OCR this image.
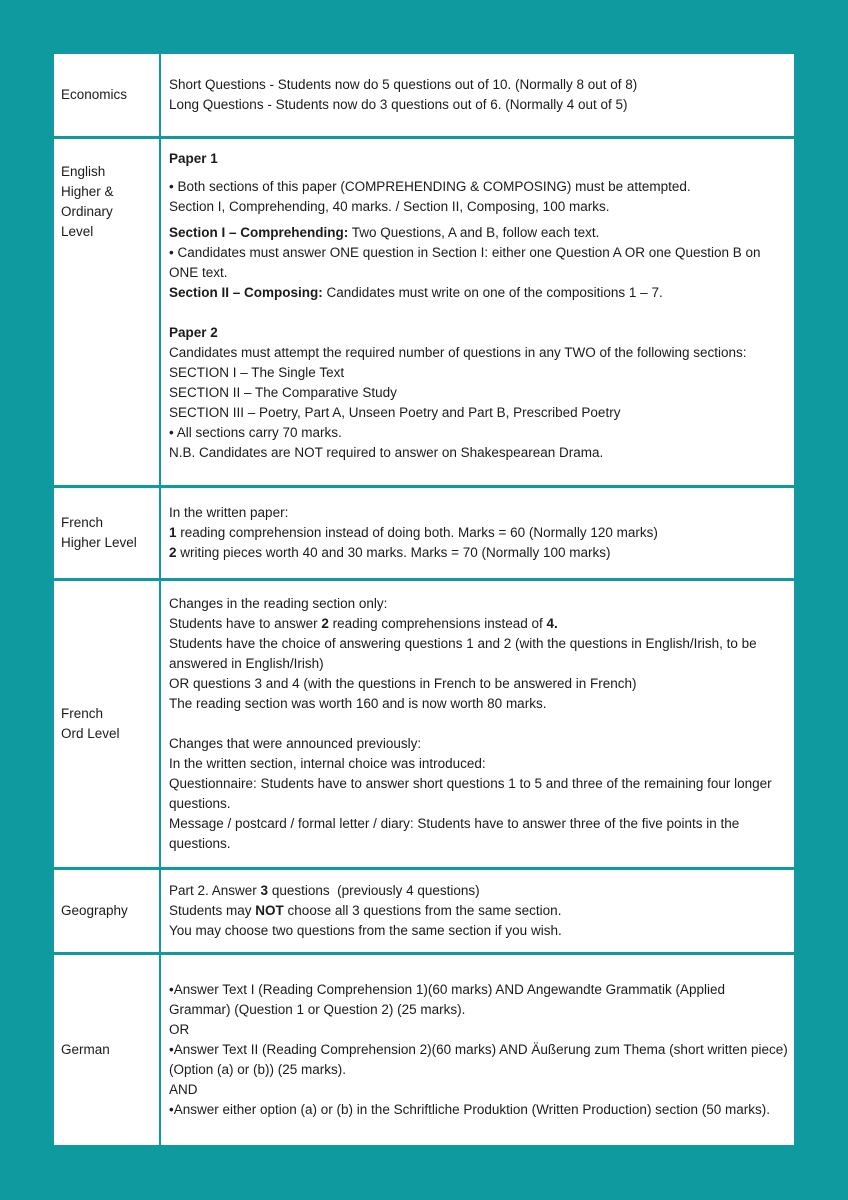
Economics

Short Questions - Students now do 5 questions out of 10. (Normally 8 out of 8)

Long Questions - Students now do 3 questions out of 6. (Normally 4 out of 5)

English
Higher &
Ordinary
Level

Paper 1

• Both sections of this paper (COMPREHENDING & COMPOSING) must be attempted.

Section I, Comprehending, 40 marks. / Section II, Composing, 100 marks.

Section I – Comprehending: Two Questions, A and B, follow each text.

• Candidates must answer ONE question in Section I: either one Question A OR one Question B on ONE text.

Section II – Composing: Candidates must write on one of the compositions 1 – 7.

Paper 2

Candidates must attempt the required number of questions in any TWO of the following sections: SECTION I – The Single Text

SECTION II – The Comparative Study

SECTION III – Poetry, Part A, Unseen Poetry and Part B, Prescribed Poetry

• All sections carry 70 marks.

N.B. Candidates are NOT required to answer on Shakespearean Drama.

French
Higher Level

In the written paper:

1 reading comprehension instead of doing both. Marks = 60 (Normally 120 marks)

2 writing pieces worth 40 and 30 marks. Marks = 70 (Normally 100 marks)

French
Ord Level

Changes in the reading section only:

Students have to answer 2 reading comprehensions instead of 4.

Students have the choice of answering questions 1 and 2 (with the questions in English/Irish, to be answered in English/Irish)

OR questions 3 and 4 (with the questions in French to be answered in French)

The reading section was worth 160 and is now worth 80 marks.

Changes that were announced previously:

In the written section, internal choice was introduced:

Questionnaire: Students have to answer short questions 1 to 5 and three of the remaining four longer questions.

Message / postcard / formal letter / diary: Students have to answer three of the five points in the questions.

Geography

Part 2. Answer 3 questions  (previously 4 questions)

Students may NOT choose all 3 questions from the same section.

You may choose two questions from the same section if you wish.

German

•Answer Text I (Reading Comprehension 1)(60 marks) AND Angewandte Grammatik (Applied Grammar) (Question 1 or Question 2) (25 marks).

OR

•Answer Text II (Reading Comprehension 2)(60 marks) AND Äußerung zum Thema (short written piece) (Option (a) or (b)) (25 marks).

AND

•Answer either option (a) or (b) in the Schriftliche Produktion (Written Production) section (50 marks).
